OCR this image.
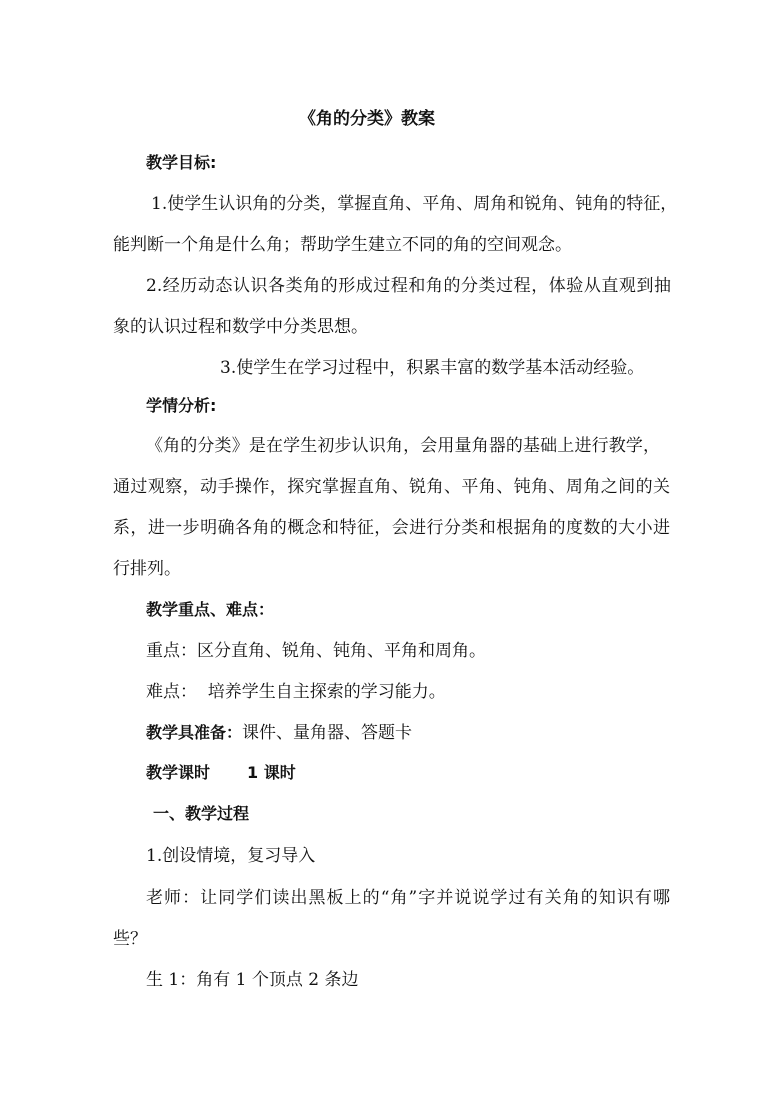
《角的分类》教案
教学目标:
1.使学生认识角的分类，掌握直角、平角、周角和锐角、钝角的特征，
能判断一个角是什么角；帮助学生建立不同的角的空间观念。
2.经历动态认识各类角的形成过程和角的分类过程，体验从直观到抽
象的认识过程和数学中分类思想。
3.使学生在学习过程中，积累丰富的数学基本活动经验。
学情分析:
《角的分类》是在学生初步认识角，会用量角器的基础上进行教学，
通过观察，动手操作，探究掌握直角、锐角、平角、钝角、周角之间的关
系，进一步明确各角的概念和特征，会进行分类和根据角的度数的大小进
行排列。
教学重点、难点：
重点：区分直角、锐角、钝角、平角和周角。
难点：  培养学生自主探索的学习能力。
教学具准备：课件、量角器、答题卡
教学课时 1 课时
一、教学过程
1.创设情境，复习导入
老师：让同学们读出黑板上的“角”字并说说学过有关角的知识有哪
些？
生 1：角有 1 个顶点 2 条边
